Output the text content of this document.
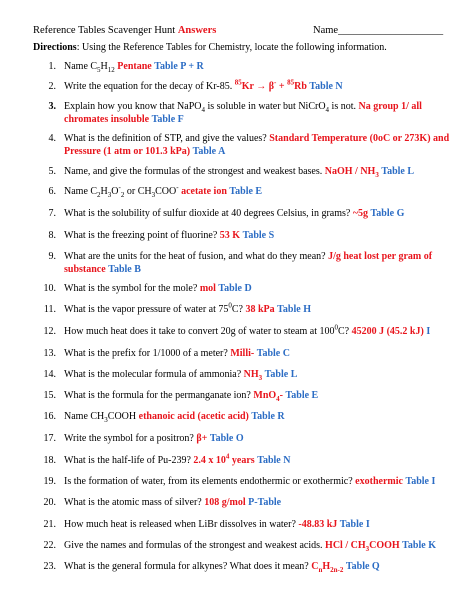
Reference Tables Scavenger Hunt Answers	Name____________________
Directions: Using the Reference Tables for Chemistry, locate the following information.
1. Name $C_5H_{12}$ Pentane Table P + R
2. Write the equation for the decay of Kr-85. $^{85}$Kr → β- + $^{85}$Rb Table N
3. Explain how you know that NaPO$_4$ is soluble in water but NiCrO$_4$ is not. Na group 1/ all chromates insoluble Table F
4. What is the definition of STP, and give the values? Standard Temperature (0oC or 273K) and Pressure (1 atm or 101.3 kPa) Table A
5. Name, and give the formulas of the strongest and weakest bases. NaOH / $NH_3$ Table L
6. Name $C_2H_3O^-_2$ or $CH_3COO^-$ acetate ion Table E
7. What is the solubility of sulfur dioxide at 40 degrees Celsius, in grams? ~5g Table G
8. What is the freezing point of fluorine? 53 K Table S
9. What are the units for the heat of fusion, and what do they mean? J/g heat lost per gram of substance Table B
10. What is the symbol for the mole? mol Table D
11. What is the vapor pressure of water at $75^0C$? 38 kPa Table H
12. How much heat does it take to convert 20g of water to steam at $100^0C$? 45200 J (45.2 kJ) I
13. What is the prefix for 1/1000 of a meter? Milli- Table C
14. What is the molecular formula of ammonia? $NH_3$ Table L
15. What is the formula for the permanganate ion? MnO$_4$- Table E
16. Name $CH_3COOH$ ethanoic acid (acetic acid) Table R
17. Write the symbol for a positron? β+ Table O
18. What is the half-life of Pu-239? 2.4 x $10^4$ years Table N
19. Is the formation of water, from its elements endothermic or exothermic? exothermic Table I
20. What is the atomic mass of silver? 108 g/mol P-Table
21. How much heat is released when LiBr dissolves in water? -48.83 kJ Table I
22. Give the names and formulas of the strongest and weakest acids. HCl / $CH_3COOH$ Table K
23. What is the general formula for alkynes? What does it mean? $C_nH_{2n-2}$ Table Q
